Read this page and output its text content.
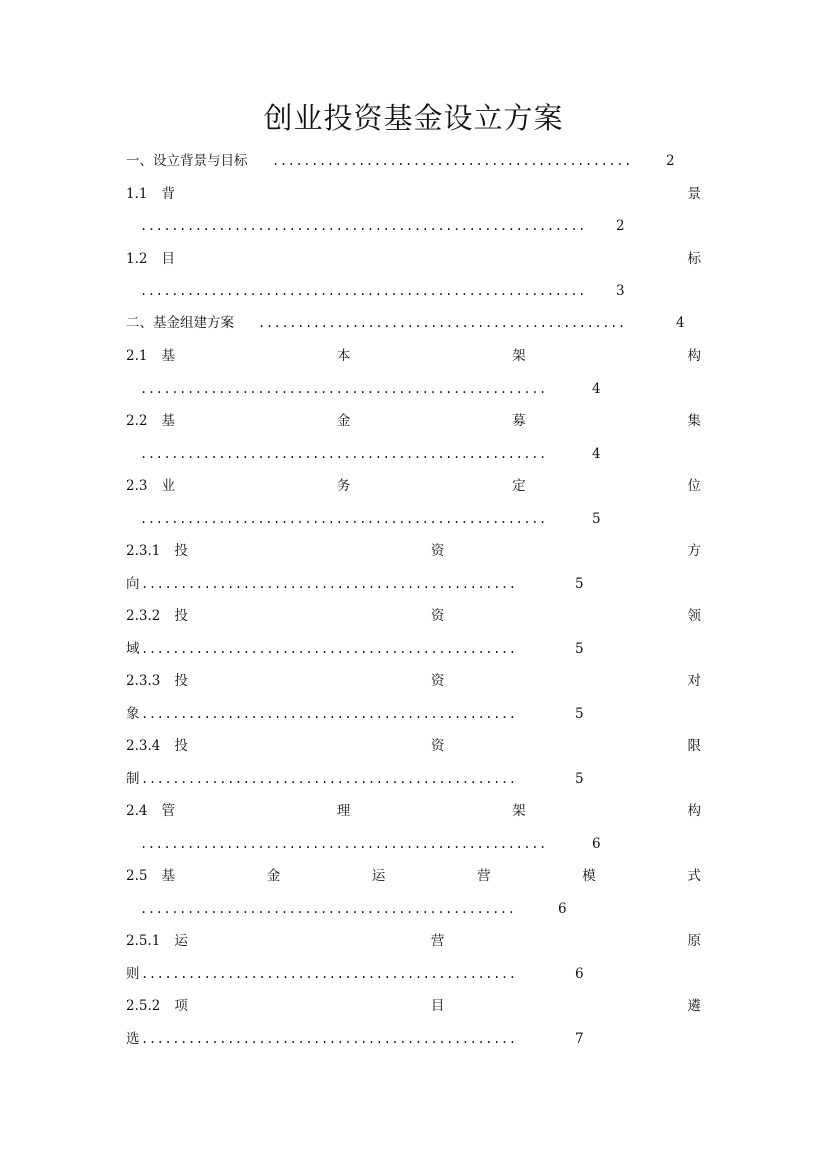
创业投资基金设立方案
一、设立背景与目标 ..............................................	2
1.1 背	景
.........................................................	2
1.2 目	标
.........................................................	3
二、基金组建方案 ...............................................	4
2.1 基	本	架	构
....................................................	4
2.2 基	金	募	集
....................................................	4
2.3 业	务	定	位
....................................................	5
2.3.1 投	资	方
向 ................................................	5
2.3.2 投	资	领
域 ................................................	5
2.3.3 投	资	对
象 ................................................	5
2.3.4 投	资	限
制 ................................................	5
2.4 管	理	架	构
....................................................	6
2.5 基	金	运	营	模	式
................................................	6
2.5.1 运	营	原
则 ................................................	6
2.5.2 项	目	遴
选 ................................................	7
